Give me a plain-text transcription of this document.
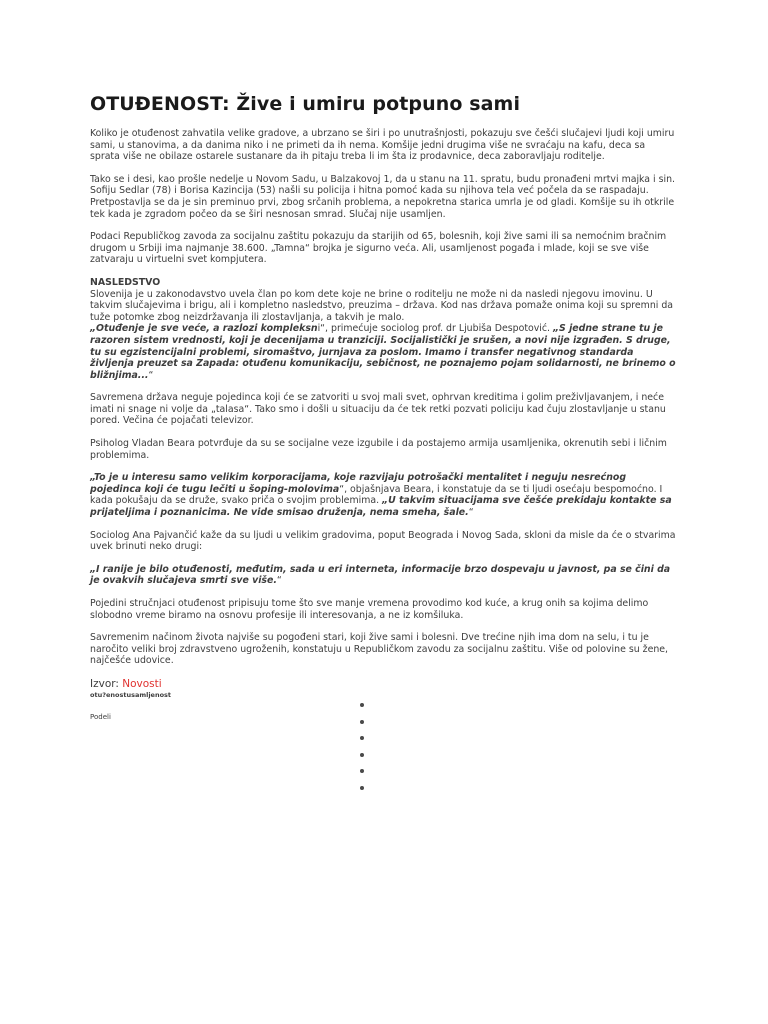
OTUĐENOST: Žive i umiru potpuno sami

Koliko je otuđenost zahvatila velike gradove, a ubrzano se širi i po unutrašnjosti, pokazuju sve češći slučajevi ljudi koji umiru sami, u stanovima, a da danima niko i ne primeti da ih nema. Komšije jedni drugima više ne svraćaju na kafu, deca sa sprata više ne obilaze ostarele sustanare da ih pitaju treba li im šta iz prodavnice, deca zaboravljaju roditelje.

Tako se i desi, kao prošle nedelje u Novom Sadu, u Balzakovoj 1, da u stanu na 11. spratu, budu pronađeni mrtvi majka i sin. Sofiju Sedlar (78) i Borisa Kazincija (53) našli su policija i hitna pomoć kada su njihova tela već počela da se raspadaju. Pretpostavlja se da je sin preminuo prvi, zbog srčanih problema, a nepokretna starica umrla je od gladi. Komšije su ih otkrile tek kada je zgradom počeo da se širi nesnosan smrad. Slučaj nije usamljen.

Podaci Republičkog zavoda za socijalnu zaštitu pokazuju da starijih od 65, bolesnih, koji žive sami ili sa nemoćnim bračnim drugom u Srbiji ima najmanje 38.600. „Tamna“ brojka je sigurno veća. Ali, usamljenost pogađa i mlade, koji se sve više zatvaraju u virtuelni svet kompjutera.

NASLEDSTVO
Slovenija je u zakonodavstvo uvela član po kom dete koje ne brine o roditelju ne može ni da nasledi njegovu imovinu. U takvim slučajevima i brigu, ali i kompletno nasledstvo, preuzima – država. Kod nas država pomaže onima koji su spremni da tuže potomke zbog neizdržavanja ili zlostavljanja, a takvih je malo.
„Otuđenje je sve veće, a razlozi kompleksni“, primećuje sociolog prof. dr Ljubiša Despotović. „S jedne strane tu je razoren sistem vrednosti, koji je decenijama u tranziciji. Socijalistički je srušen, a novi nije izgrađen. S druge, tu su egzistencijalni problemi, siromaštvo, jurnjava za poslom. Imamo i transfer negativnog standarda življenja preuzet sa Zapada: otuđenu komunikaciju, sebičnost, ne poznajemo pojam solidarnosti, ne brinemo o bližnjima...“

Savremena država neguje pojedinca koji će se zatvoriti u svoj mali svet, ophrvan kreditima i golim preživljavanjem, i neće imati ni snage ni volje da „talasa“. Tako smo i došli u situaciju da će tek retki pozvati policiju kad čuju zlostavljanje u stanu pored. Večina će pojačati televizor.

Psiholog Vladan Beara potvrđuje da su se socijalne veze izgubile i da postajemo armija usamljenika, okrenutih sebi i ličnim problemima.

„To je u interesu samo velikim korporacijama, koje razvijaju potrošački mentalitet i neguju nesrećnog pojedinca koji će tugu lečiti u šoping-molovima“, objašnjava Beara, i konstatuje da se ti ljudi osećaju bespomoćno. I kada pokušaju da se druže, svako priča o svojim problemima. „U takvim situacijama sve češće prekidaju kontakte sa prijateljima i poznanicima. Ne vide smisao druženja, nema smeha, šale.“

Sociolog Ana Pajvančić kaže da su ljudi u velikim gradovima, poput Beograda i Novog Sada, skloni da misle da će o stvarima uvek brinuti neko drugi:

„I ranije je bilo otuđenosti, međutim, sada u eri interneta, informacije brzo dospevaju u javnost, pa se čini da je ovakvih slučajeva smrti sve više.“

Pojedini stručnjaci otuđenost pripisuju tome što sve manje vremena provodimo kod kuće, a krug onih sa kojima delimo slobodno vreme biramo na osnovu profesije ili interesovanja, a ne iz komšiluka.

Savremenim načinom života najviše su pogođeni stari, koji žive sami i bolesni. Dve trećine njih ima dom na selu, i tu je naročito veliki broj zdravstveno ugroženih, konstatuju u Republičkom zavodu za socijalnu zaštitu. Više od polovine su žene, najčešće udovice.

Izvor: Novosti
otu?enostusamljenost
Podeli
